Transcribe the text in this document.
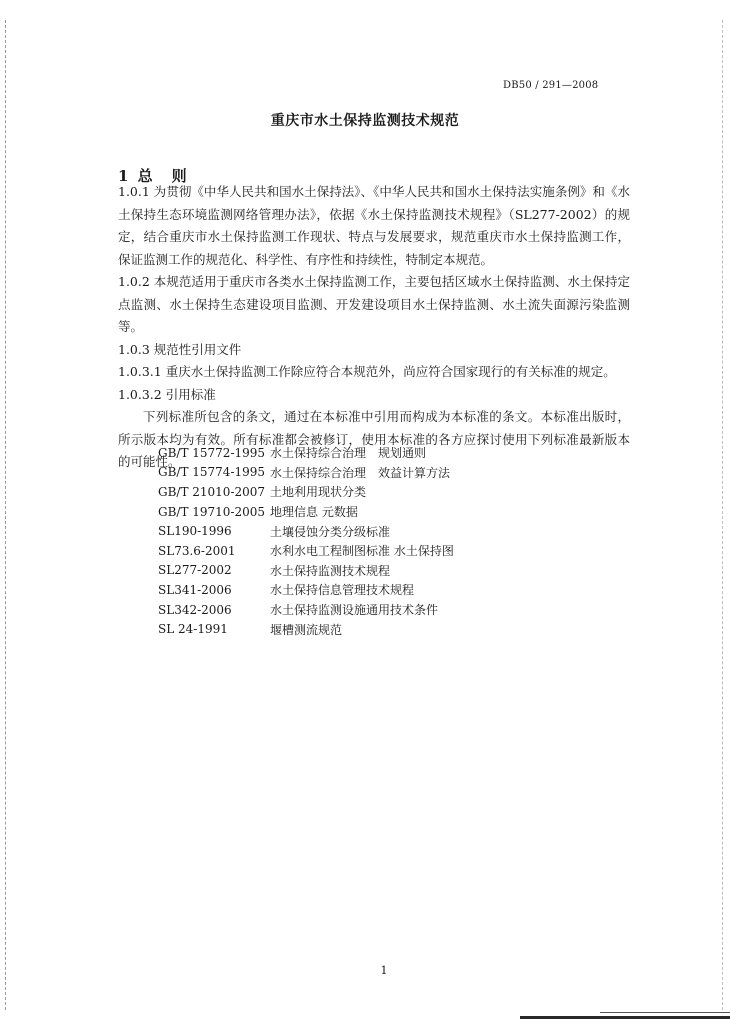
DB50 / 291—2008
重庆市水土保持监测技术规范
1 总　则

1.0.1 为贯彻《中华人民共和国水土保持法》、《中华人民共和国水土保持法实施条例》和《水土保持生态环境监测网络管理办法》，依据《水土保持监测技术规程》（SL277-2002）的规定，结合重庆市水土保持监测工作现状、特点与发展要求，规范重庆市水土保持监测工作，保证监测工作的规范化、科学性、有序性和持续性，特制定本规范。

1.0.2 本规范适用于重庆市各类水土保持监测工作，主要包括区域水土保持监测、水土保持定点监测、水土保持生态建设项目监测、开发建设项目水土保持监测、水土流失面源污染监测等。

1.0.3 规范性引用文件

1.0.3.1 重庆水土保持监测工作除应符合本规范外，尚应符合国家现行的有关标准的规定。

1.0.3.2 引用标准

下列标准所包含的条文，通过在本标准中引用而构成为本标准的条文。本标准出版时，所示版本均为有效。所有标准都会被修订，使用本标准的各方应探讨使用下列标准最新版本的可能性。

GB/T 15772-1995 水土保持综合治理　规划通则
GB/T 15774-1995 水土保持综合治理　效益计算方法
GB/T 21010-2007 土地利用现状分类
GB/T 19710-2005 地理信息 元数据
SL190-1996	土壤侵蚀分类分级标准
SL73.6-2001	水利水电工程制图标准 水土保持图
SL277-2002	水土保持监测技术规程
SL341-2006	水土保持信息管理技术规程
SL342-2006	水土保持监测设施通用技术条件
SL 24-1991	堰槽测流规范
1
